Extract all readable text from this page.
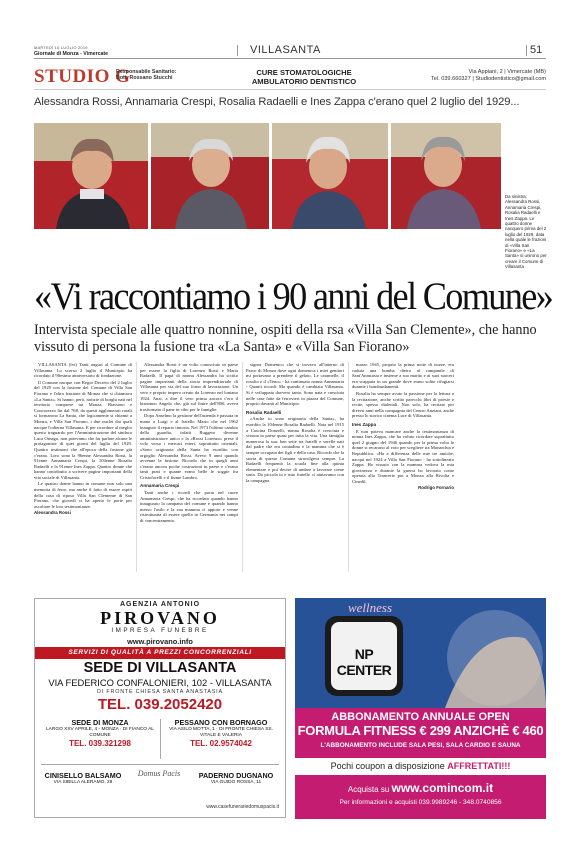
MARTEDÌ 16 LUGLIO 2019
Giornale di Monza - Vimercate	VILLASANTA	51
STUDIO G
Responsabile Sanitario:
Dott. Rossano Stucchi
CURE STOMATOLOGICHE
AMBULATORIO DENTISTICO
Via Appiani, 2 | Vimercate (MB)
Tel. 039.660327 | Studiodentistico@gmail.com
Alessandra Rossi, Annamaria Crespi, Rosalia Radaelli e Ines Zappa c'erano quel 2 luglio del 1929...
Da sinistra: Alessandra Rossi, Annamaria Crespi, Rosalia Radaelli e Ines Zappa. Le quattro donne nacquero prima del 2 luglio del 1929, data nella quale le frazioni di «Villa San Fiorano» e «La Santa» si unirono per creare il Comune di Villasanta
«Vi raccontiamo i 90 anni del Comune»
Intervista speciale alle quattro nonnine, ospiti della rsa «Villa San Clemente», che hanno vissuto di persona la fusione tra «La Santa» e «Villa San Fiorano»

VILLASANTA (fvt) Tanti auguri al Comune di Villasanta. Lo scorso 2 luglio il Municipio ha ricordato il 90esimo anniversario di fondazione.

Il Comune nacque con Regio Decreto del 2 luglio del 1929 con la fusione del Comune di Villa San Fiorano e l'altra frazione di Monza che si chiamava «La Santa». Si hanno, però, notizie di borghi nati nel territorio comprese tra Monza, Biassono e Concorezzo fin dal 768, da questi agglomerati rurali si formarono La Santa, che logicamente si chiamò a Monza, e Villa San Fiorano, i due nuclei dai quali nacque l'odierna Villasanta. E per ricordare al meglio questo traguardo per l'Amministrazione del sindaco Luca Ornago, non potevamo che far parlare alcune le protagoniste di quei giorni del luglio del 1929. Quattro testimoni che all'epoca della fusione già c'erano. Loro sono la 96enne Alessandra Rossi, la 91enne Annamaria Crespi, la 104enne Rosalia Radaelli e la 91enne Ines Zappa. Quattro donne che hanno contribuito a scrivere pagine importanti della vita sociale di Villasanta.

Le quattro donne hanno in comune non solo una memoria di ferro, ma anche il fatto di essere ospiti della casa di riposo Villa San Clemente di San Fiorano, che giovedì ci ha aperto le porte per ascoltare le loro testimonianze.

Alessandra Rossi

Alessandra Rossi è un volto conosciuto in paese per essere la figlia di Lorenzo Rossi e Maria Radaelli. Il papà di nonna Alessandra ha scritto pagine importanti della storia imprenditoriale di Villasanta per via del suo forno di lavorazione. Un vero e proprio impero creato da Lorenzo nel lontano 1924. Anzi, a dire il vero prima ancora c'era il bisnonno Angelo che, già sul finire dell'800, aveva trasformato il pane in cibo per le famiglie.

Dopo Anselmo la gestione dell'azienda è passata in mano a Luigi e al fratello Mario che nel 1962 inaugurò il reparto tintoria. Nel 1973 l'ultimo cambio della guardia, infatti Ruggero divenne amministratore unico e la «Rossi Lorenzo» prese il volo verso i mercati esteri, soprattutto orientali. «Sono originaria della Santa ha esordito con orgoglio Alessandra Rossi. Avevo 9 anni quando avvenne la fusione. Ricordo che in quegli anni c'erano ancora poche costruzioni in paese e c'erano tanti prati e quante erano belle le soggie fra Cristoforelli e il fiume Lambro.

Annamaria Crespi

Tanti anche i ricordi che porta nel cuore Annamaria Crespi, che ha ricordato quando hanno inaugurato la campana del comune e quando hanno messo l'asilo e la sua mamma ci appose e venne ristrutturata di essere quella in Germania nei campi di concentramento.

signor Domenico che si trovava all'interno di Parco di Monza dove ogni domenica i miei genitori mi portavano a prendere il gelato. Le caramelle, il rosolio e il «Teno» - ha continuato nonna Annamaria - Quanti ricordi. Ma quando è cambiata Villasanta. Si è sviluppata davvero tanto. Sono nata e cresciuta nelle case fatte da ferrovieri in piazza del Comune, proprio davanti al Municipio.

Rosalia Radaelli

«Anche io sono originaria della Santa», ha esordito la 104enne Rosalia Radaelli. Nata nel 1915 a Cascina Donzelli, nonna Rosalia è cresciuta e vissuta in paese quasi per tutta la vita. Una famiglia numerosa la sua: ben sette tra fratelli e sorelle nati dal padre che era contadino e la mamma che si è sempre occupata dei figli e della casa. Ricordo che la storia di questo Comune stravolgeva sempre. La Radaelli frequentò la scuola fine alla quinta elementare e poi decise di andare a lavorare come sarta. Da piccola io e mio fratello ci aiutavamo con la campagna.

marzo 1945, proprio la prima notte di nozze, era caduta una bomba dietro al campanile di Sant'Anastasia e insieme a suo marito e ai suoi suoceri era scappata in un grande dove erano solite rifugiarsi durante i bombardamenti.

Rosalia ha sempre avuto la passione per la lettura e la recitazione, anche scritto parecchi libri di poesie e recite, spesso dialettali. Non solo, ha recitato per diversi anni nella compagnia del Centro Anziani, anche presso lo storico cinema Luce di Villasanta.

Ines Zappa

E non poteva mancare anche la testimonianza di nonna Ines Zappa, che ha voluto ricordare soprattutto quel 2 giugno del 1946 quando per la prima volta le donne si recarono al voto per scegliere tra Monarchia e Repubblica. «Ha a differenza delle mie tre amiche, nacqui nel 1924 a Villa San Fiorano - ha sottolineato Zappa. Ho vissuto con la mamma vedova la mia giovinezza e durante la guerra ho lavorato come operaia alla Trancerie poi a Monza alla Rivolta e Cinedil.

Rodrigo Fornario

AGENZIA ANTONIO
PIROVANO
IMPRESA FUNEBRE
www.pirovano.info
SERVIZI DI QUALITÀ A PREZZI CONCORRENZIALI
SEDE DI VILLASANTA
VIA FEDERICO CONFALONIERI, 102 - VILLASANTA
DI FRONTE CHIESA SANTA ANASTASIA
TEL. 039.2052420
SEDE DI MONZA
LARGO XXV APRILE, 4 - MONZA · DI FIANCO AL COMUNE
TEL. 039.321298
PESSANO CON BORNAGO
VIA ASILO MOTTA, 1 · DI FRONTE CHIESA SS. VITALE E VALERIA
TEL. 02.9574042
CINISELLO BALSAMO
VIA SIBILLA ALERAMO, 29
Domus Pacis	PADERNO DUGNANO
VIA GUIDO ROSSA, 11
www.casefunerariedomuspacis.it
wellness
NP CENTER
ABBONAMENTO ANNUALE OPEN
FORMULA FITNESS € 299 ANZICHÈ € 460
L'ABBONAMENTO INCLUDE SALA PESI, SALA CARDIO E SAUNA
Pochi coupon a disposizione AFFRETTATI!!!
Acquista su www.comincom.it
Per informazioni e acquisti 039.9989246 - 348.0740856
